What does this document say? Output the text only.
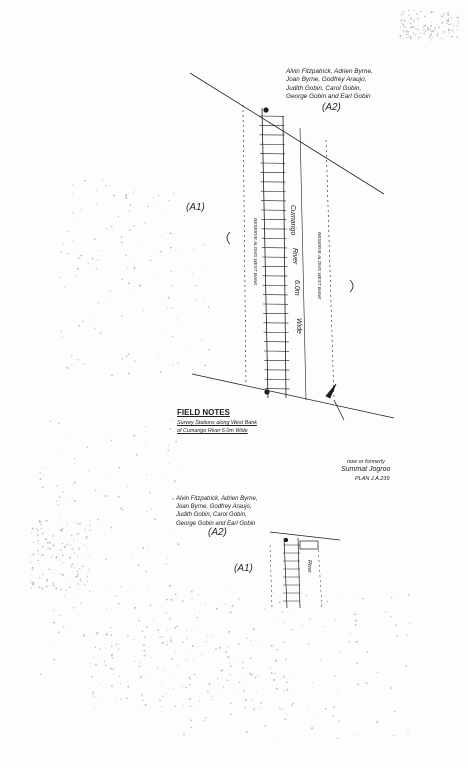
Alvin Fitzpatrick, Adrien Byrne,
Joan Byrne, Godfrey Araujo,
Judith Gobin, Carol Gobin,
George Gobin and Earl Gobin
(A2)
(A1)	Cumarigo
River
6.0m
Wide
RESERVE ALONG WEST BANK	RESERVE ALONG WEST BANK
FIELD NOTES
Survey Stations along West Bank
of Cumarigo River 6.0m Wide
now or formerly
Summat Jogroo
PLAN J.A.239
Alvin Fitzpatrick, Adrien Byrne,
Joan Byrne, Godfrey Araujo,
Judith Gobin, Carol Gobin,
George Gobin and Earl Gobin
(A2)
(A1)	River
